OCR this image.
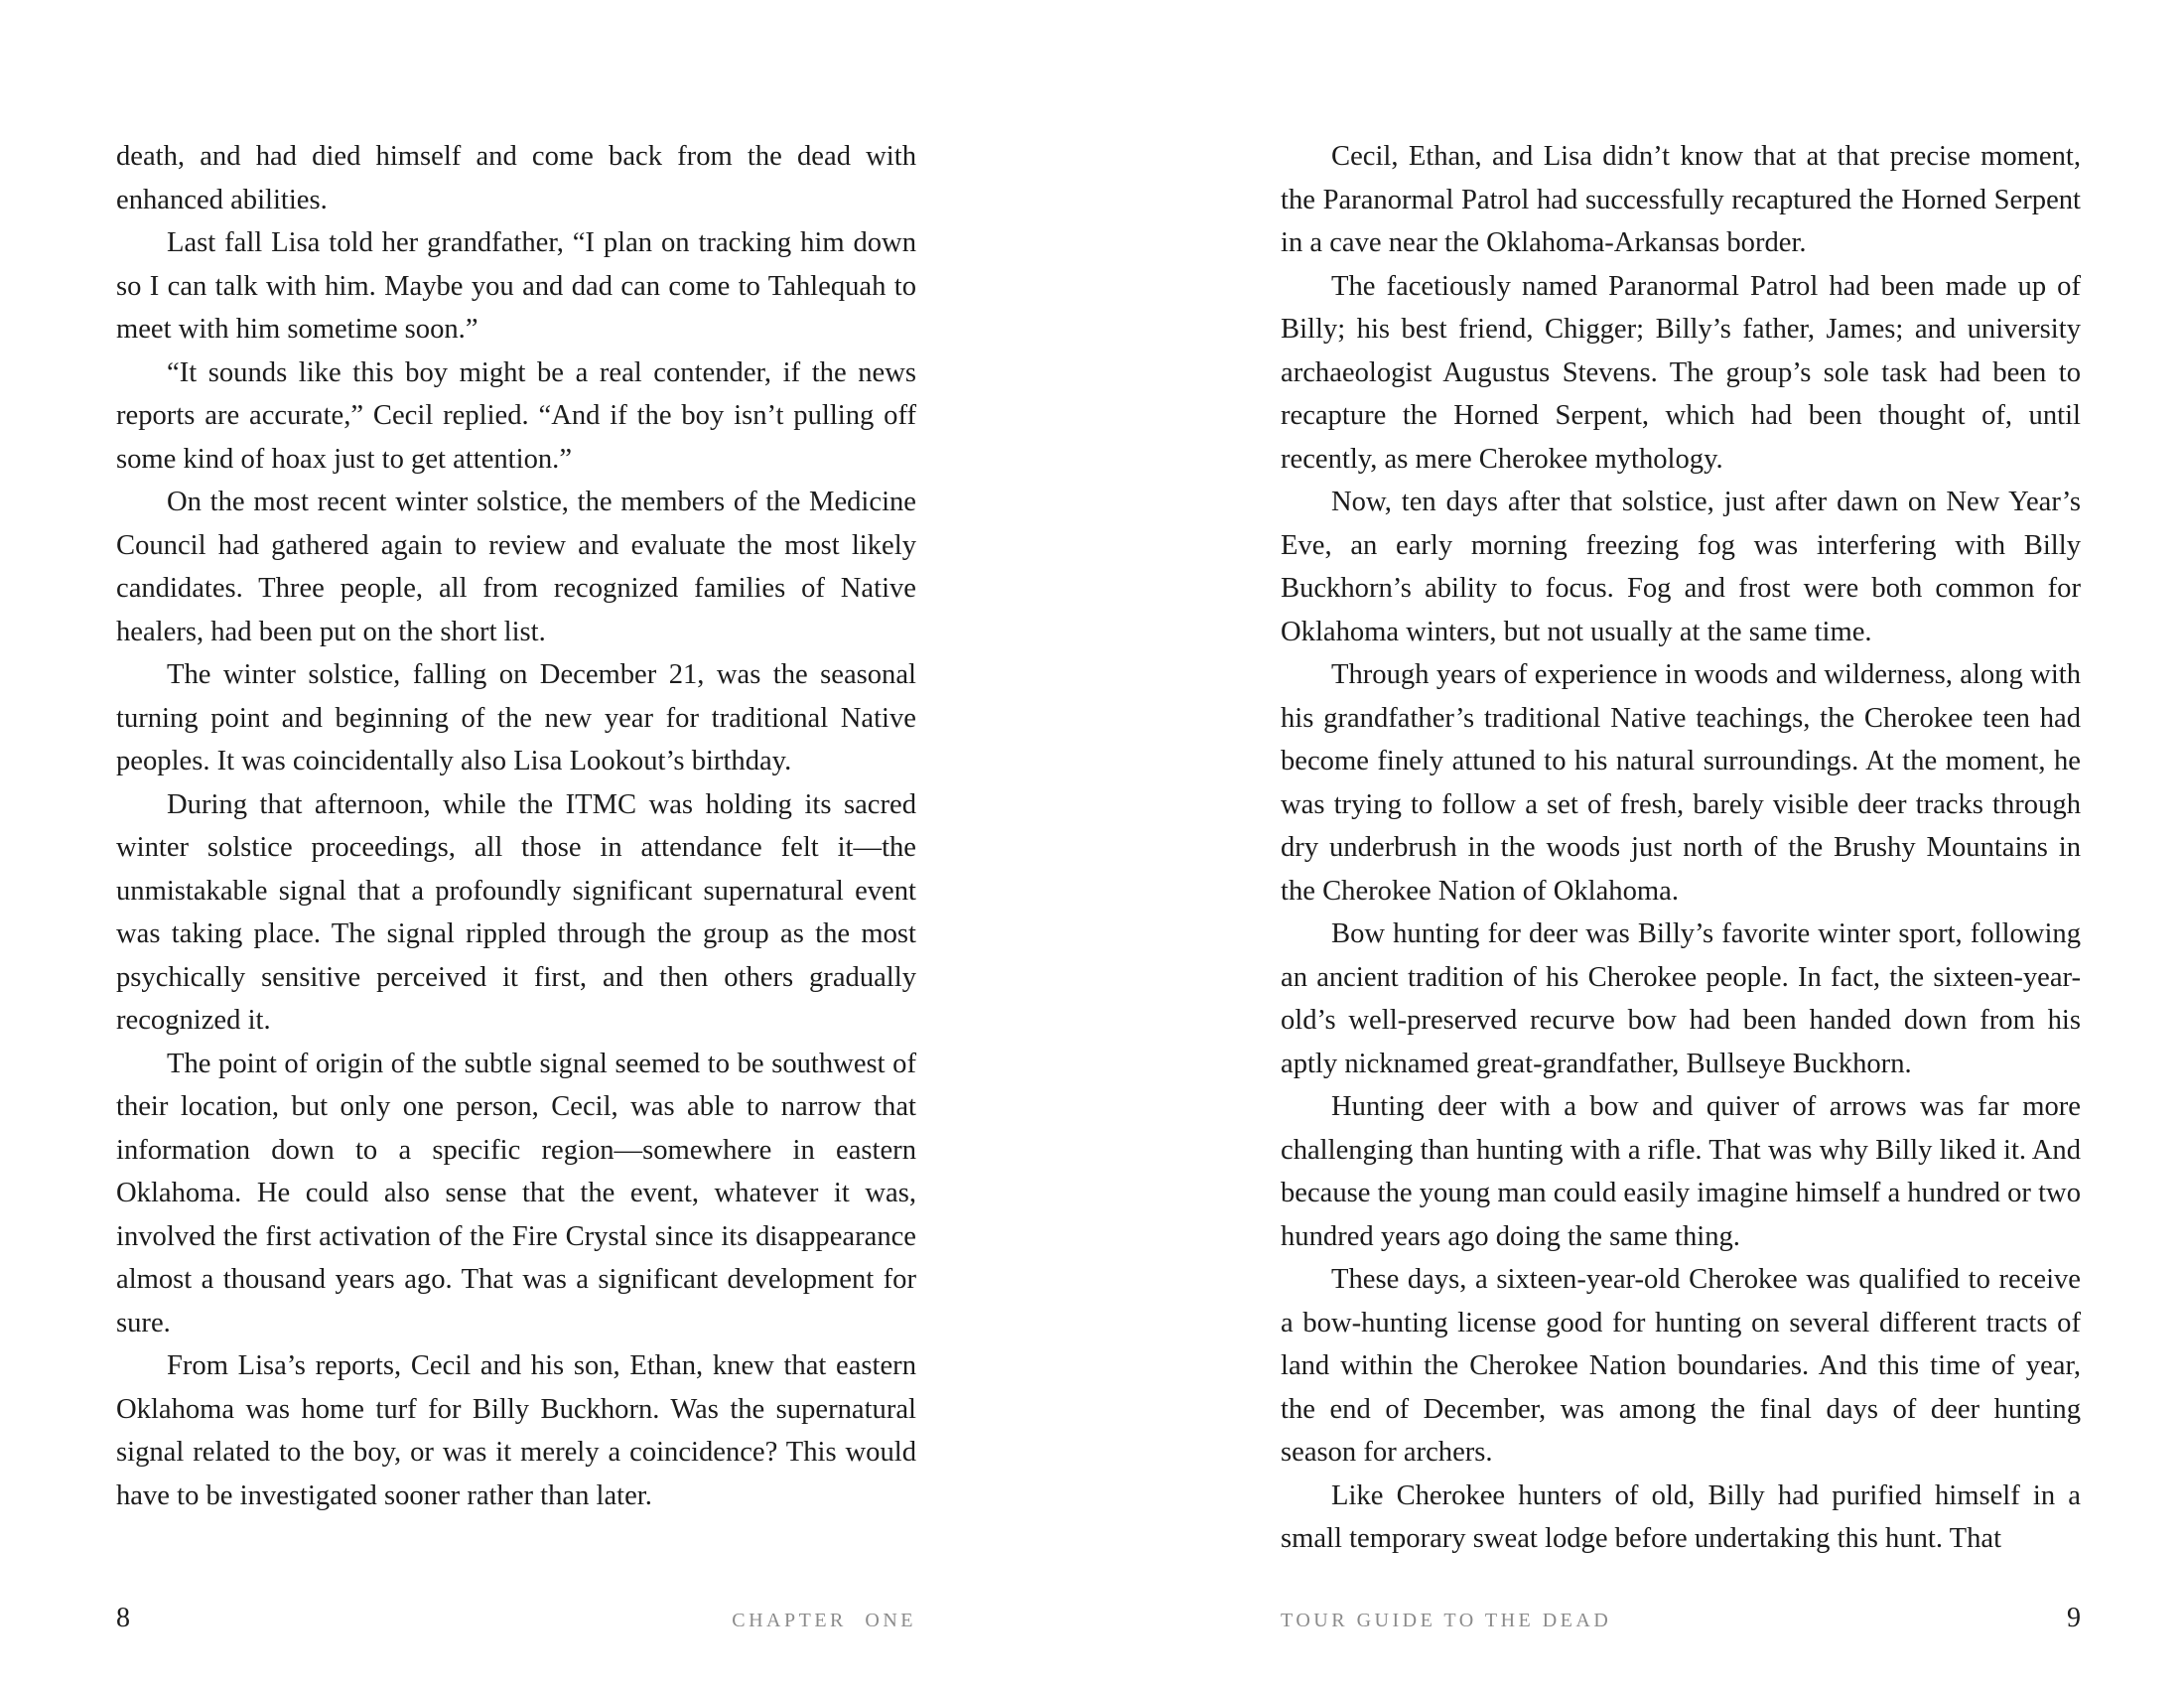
death, and had died himself and come back from the dead with enhanced abilities.

Last fall Lisa told her grandfather, “I plan on tracking him down so I can talk with him. Maybe you and dad can come to Tahlequah to meet with him sometime soon.”

“It sounds like this boy might be a real contender, if the news reports are accurate,” Cecil replied. “And if the boy isn’t pulling off some kind of hoax just to get attention.”

On the most recent winter solstice, the members of the Medicine Council had gathered again to review and evaluate the most likely candidates. Three people, all from recognized families of Native healers, had been put on the short list.

The winter solstice, falling on December 21, was the seasonal turning point and beginning of the new year for traditional Native peoples. It was coincidentally also Lisa Lookout’s birthday.

During that afternoon, while the ITMC was holding its sacred winter solstice proceedings, all those in attendance felt it—the unmistakable signal that a profoundly significant supernatural event was taking place. The signal rippled through the group as the most psychically sensitive perceived it first, and then others gradually recognized it.

The point of origin of the subtle signal seemed to be southwest of their location, but only one person, Cecil, was able to narrow that information down to a specific region—somewhere in eastern Oklahoma. He could also sense that the event, whatever it was, involved the first activation of the Fire Crystal since its disappearance almost a thousand years ago. That was a significant development for sure.

From Lisa’s reports, Cecil and his son, Ethan, knew that eastern Oklahoma was home turf for Billy Buckhorn. Was the supernatural signal related to the boy, or was it merely a coincidence? This would have to be investigated sooner rather than later.

8	CHAPTER ONE

Cecil, Ethan, and Lisa didn’t know that at that precise moment, the Paranormal Patrol had successfully recaptured the Horned Serpent in a cave near the Oklahoma-Arkansas border.

The facetiously named Paranormal Patrol had been made up of Billy; his best friend, Chigger; Billy’s father, James; and university archaeologist Augustus Stevens. The group’s sole task had been to recapture the Horned Serpent, which had been thought of, until recently, as mere Cherokee mythology.

Now, ten days after that solstice, just after dawn on New Year’s Eve, an early morning freezing fog was interfering with Billy Buckhorn’s ability to focus. Fog and frost were both common for Oklahoma winters, but not usually at the same time.

Through years of experience in woods and wilderness, along with his grandfather’s traditional Native teachings, the Cherokee teen had become finely attuned to his natural surroundings. At the moment, he was trying to follow a set of fresh, barely visible deer tracks through dry underbrush in the woods just north of the Brushy Mountains in the Cherokee Nation of Oklahoma.

Bow hunting for deer was Billy’s favorite winter sport, following an ancient tradition of his Cherokee people. In fact, the sixteen-year-old’s well-preserved recurve bow had been handed down from his aptly nicknamed great-grandfather, Bullseye Buckhorn.

Hunting deer with a bow and quiver of arrows was far more challenging than hunting with a rifle. That was why Billy liked it. And because the young man could easily imagine himself a hundred or two hundred years ago doing the same thing.

These days, a sixteen-year-old Cherokee was qualified to receive a bow-hunting license good for hunting on several different tracts of land within the Cherokee Nation boundaries. And this time of year, the end of December, was among the final days of deer hunting season for archers.

Like Cherokee hunters of old, Billy had purified himself in a small temporary sweat lodge before undertaking this hunt. That

TOUR GUIDE TO THE DEAD	9
